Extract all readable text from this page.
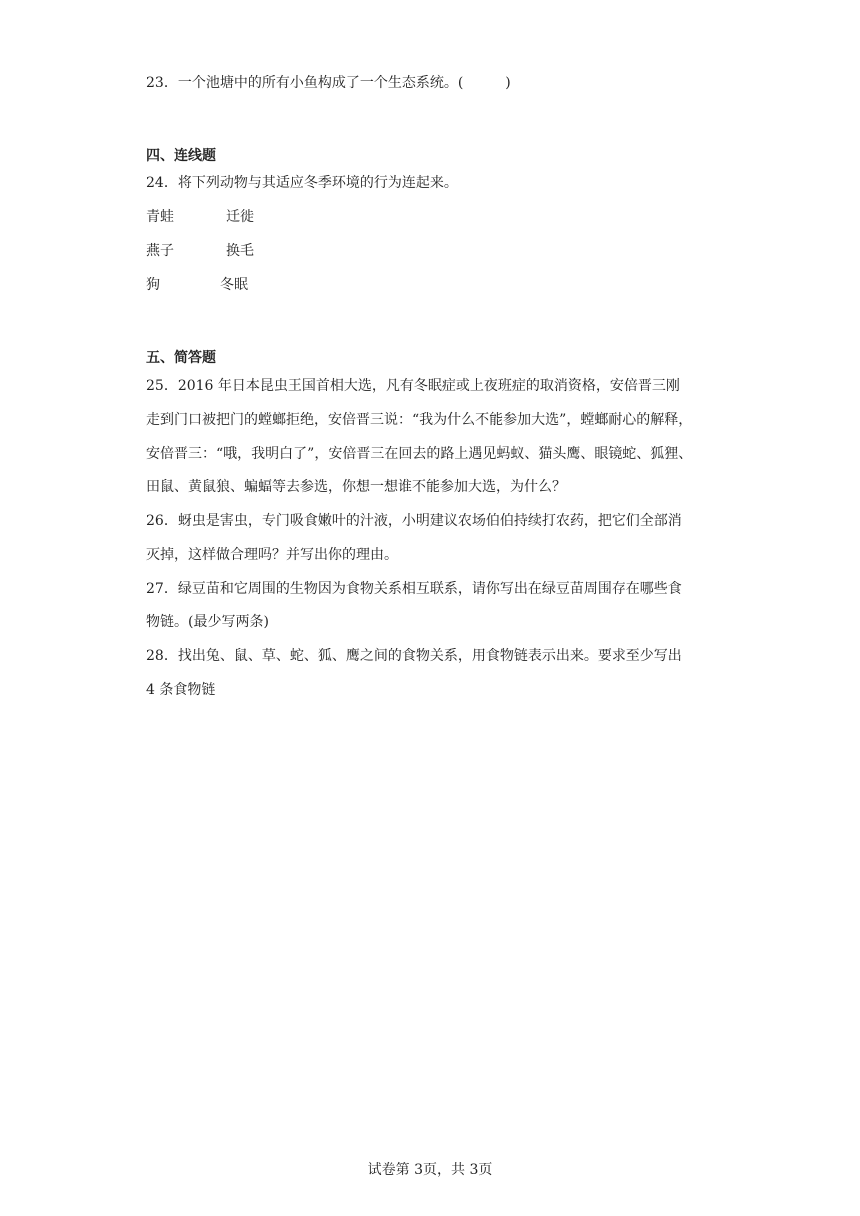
23．一个池塘中的所有小鱼构成了一个生态系统。(　　　)
四、连线题
24．将下列动物与其适应冬季环境的行为连起来。
青蛙	迁徙
燕子	换毛
狗	冬眠
五、简答题
25．2016 年日本昆虫王国首相大选，凡有冬眠症或上夜班症的取消资格，安倍晋三刚
走到门口被把门的螳螂拒绝，安倍晋三说：“我为什么不能参加大选”，螳螂耐心的解释，
安倍晋三：“哦，我明白了”，安倍晋三在回去的路上遇见蚂蚁、猫头鹰、眼镜蛇、狐狸、
田鼠、黄鼠狼、蝙蝠等去参选，你想一想谁不能参加大选，为什么？
26．蚜虫是害虫，专门吸食嫩叶的汁液，小明建议农场伯伯持续打农药，把它们全部消
灭掉，这样做合理吗？并写出你的理由。
27．绿豆苗和它周围的生物因为食物关系相互联系，请你写出在绿豆苗周围存在哪些食
物链。(最少写两条)
28．找出兔、鼠、草、蛇、狐、鹰之间的食物关系，用食物链表示出来。要求至少写出
4 条食物链
试卷第 3页，共 3页
